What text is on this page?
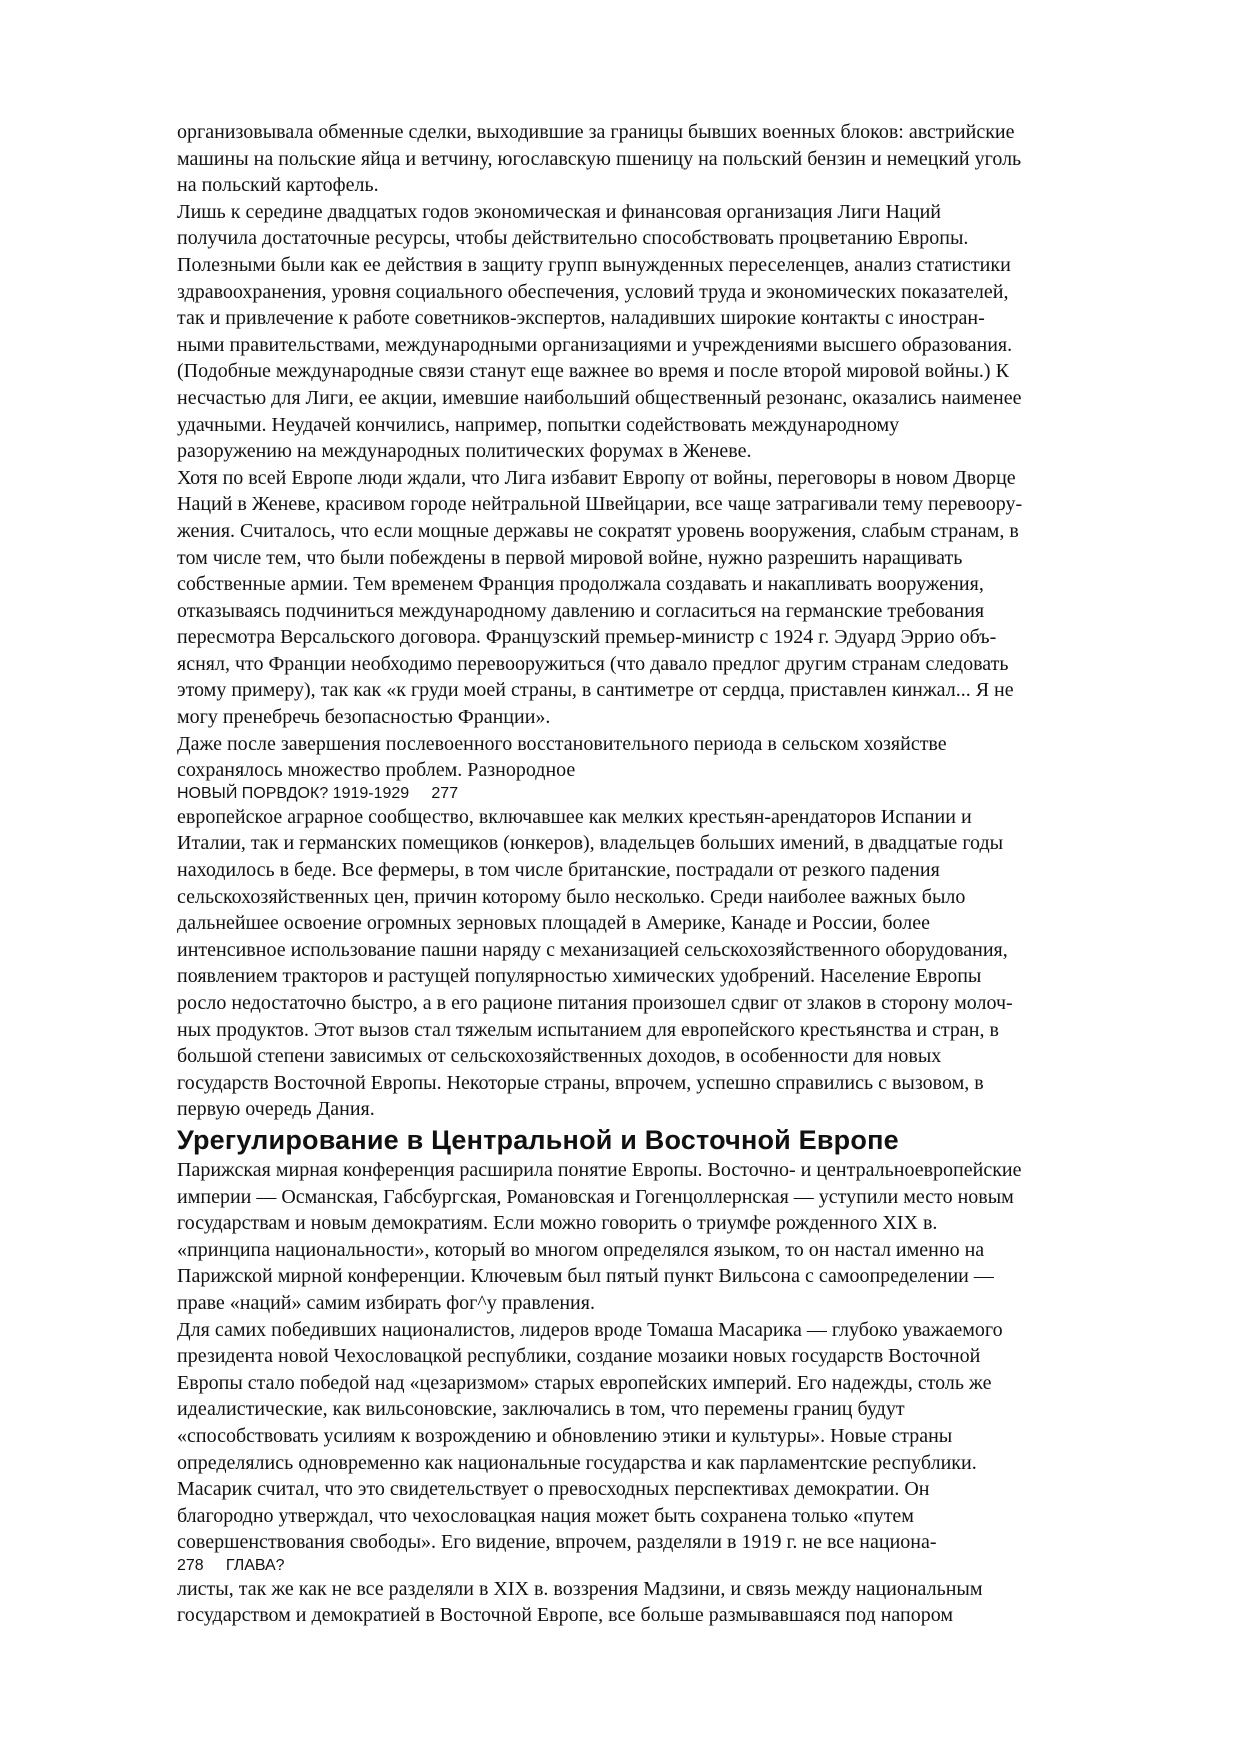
организовывала обменные сделки, выходившие за границы бывших военных блоков: австрийские
машины на польские яйца и ветчину, югославскую пшеницу на польский бензин и немецкий уголь
на польский картофель.

Лишь к середине двадцатых годов экономическая и финансовая организация Лиги Наций
получила достаточные ресурсы, чтобы действительно способствовать процветанию Европы.
Полезными были как ее действия в защиту групп вынужденных переселенцев, анализ статистики
здравоохранения, уровня социального обеспечения, условий труда и экономических показателей,
так и привлечение к работе советников-экспертов, наладивших широкие контакты с иностран-
ными правительствами, международными организациями и учреждениями высшего образования.
(Подобные международные связи станут еще важнее во время и после второй мировой войны.) К
несчастью для Лиги, ее акции, имевшие наибольший общественный резонанс, оказались наименее
удачными. Неудачей кончились, например, попытки содействовать международному
разоружению на международных политических форумах в Женеве.

Хотя по всей Европе люди ждали, что Лига избавит Европу от войны, переговоры в новом Дворце
Наций в Женеве, красивом городе нейтральной Швейцарии, все чаще затрагивали тему перевоору-
жения. Считалось, что если мощные державы не сократят уровень вооружения, слабым странам, в
том числе тем, что были побеждены в первой мировой войне, нужно разрешить наращивать
собственные армии. Тем временем Франция продолжала создавать и накапливать вооружения,
отказываясь подчиниться международному давлению и согласиться на германские требования
пересмотра Версальского договора. Французский премьер-министр с 1924 г. Эдуард Эррио объ-
яснял, что Франции необходимо перевооружиться (что давало предлог другим странам следовать
этому примеру), так как «к груди моей страны, в сантиметре от сердца, приставлен кинжал... Я не
могу пренебречь безопасностью Франции».

Даже после завершения послевоенного восстановительного периода в сельском хозяйстве
сохранялось множество проблем. Разнородное

НОВЫЙ ПОРВДОК? 1919-1929     277

европейское аграрное сообщество, включавшее как мелких крестьян-арендаторов Испании и
Италии, так и германских помещиков (юнкеров), владельцев больших имений, в двадцатые годы
находилось в беде. Все фермеры, в том числе британские, пострадали от резкого падения
сельскохозяйственных цен, причин которому было несколько. Среди наиболее важных было
дальнейшее освоение огромных зерновых площадей в Америке, Канаде и России, более
интенсивное использование пашни наряду с механизацией сельскохозяйственного оборудования,
появлением тракторов и растущей популярностью химических удобрений. Население Европы
росло недостаточно быстро, а в его рационе питания произошел сдвиг от злаков в сторону молоч-
ных продуктов. Этот вызов стал тяжелым испытанием для европейского крестьянства и стран, в
большой степени зависимых от сельскохозяйственных доходов, в особенности для новых
государств Восточной Европы. Некоторые страны, впрочем, успешно справились с вызовом, в
первую очередь Дания.

Урегулирование в Центральной и Восточной Европе

Парижская мирная конференция расширила понятие Европы. Восточно- и центральноевропейские
империи — Османская, Габсбургская, Романовская и Гогенцоллернская — уступили место новым
государствам и новым демократиям. Если можно говорить о триумфе рожденного XIX в.
«принципа национальности», который во многом определялся языком, то он настал именно на
Парижской мирной конференции. Ключевым был пятый пункт Вильсона с самоопределении —
праве «наций» самим избирать фог^у правления.

Для самих победивших националистов, лидеров вроде Томаша Масарика — глубоко уважаемого
президента новой Чехословацкой республики, создание мозаики новых государств Восточной
Европы стало победой над «цезаризмом» старых европейских империй. Его надежды, столь же
идеалистические, как вильсоновские, заключались в том, что перемены границ будут
«способствовать усилиям к возрождению и обновлению этики и культуры». Новые страны
определялись одновременно как национальные государства и как парламентские республики.
Масарик считал, что это свидетельствует о превосходных перспективах демократии. Он
благородно утверждал, что чехословацкая нация может быть сохранена только «путем
совершенствования свободы». Его видение, впрочем, разделяли в 1919 г. не все национа-

278     ГЛАВА?

листы, так же как не все разделяли в XIX в. воззрения Мадзини, и связь между национальным
государством и демократией в Восточной Европе, все больше размывавшаяся под напором
